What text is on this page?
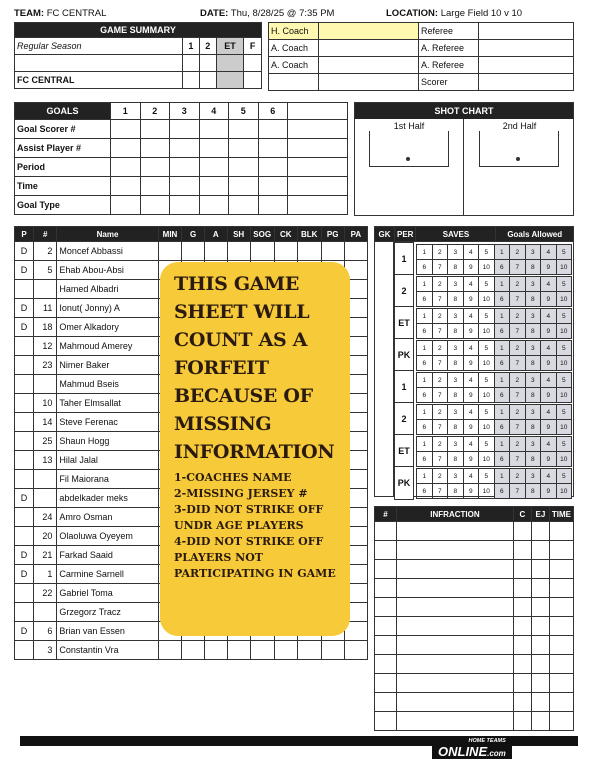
TEAM: FC CENTRAL	DATE: Thu, 8/28/25 @ 7:35 PM	LOCATION: Large Field 10 v 10
GAME SUMMARY				
Regular Season	1	2	ET	F

FC CENTRAL				
H. Coach		Referee	
A. Coach		A. Referee	
A. Coach		A. Referee	
		Scorer	
GOALS	1	2	3	4	5	6	
Goal Scorer #							
Assist Player #							
Period							
Time							
Goal Type							
SHOT CHART
1st Half	2nd Half
P	#	Name	MIN	G	A	SH	SOG	CK	BLK	PG	PA
D	2	Moncef Abbassi									
D	5	Ehab Abou-Absi									
		Hamed Albadri									
D	11	Ionut( Jonny) A									
D	18	Omer Alkadory									
	12	Mahmoud Amerey									
	23	Nimer Baker									
		Mahmud Bseis									
	10	Taher Elmsallat									
	14	Steve Ferenac									
	25	Shaun Hogg									
	13	Hilal Jalal									
		Fil Maiorana									
D		abdelkader meks									
	24	Amro Osman									
	20	Olaoluwa Oyeyem									
D	21	Farkad Saaid									
D	1	Carmine Sarnell									
	22	Gabriel Toma									
		Grzegorz Tracz									
D	6	Brian van Essen									
	3	Constantin Vra									
GK	PER	SAVES	Goals Allowed
1
1	2	3	4	5	1	2	3	4	5
6	7	8	9	10	6	7	8	9	10
2
1	2	3	4	5	1	2	3	4	5
6	7	8	9	10	6	7	8	9	10
ET
1	2	3	4	5	1	2	3	4	5
6	7	8	9	10	6	7	8	9	10
PK
1	2	3	4	5	1	2	3	4	5
6	7	8	9	10	6	7	8	9	10
1
1	2	3	4	5	1	2	3	4	5
6	7	8	9	10	6	7	8	9	10
2
1	2	3	4	5	1	2	3	4	5
6	7	8	9	10	6	7	8	9	10
ET
1	2	3	4	5	1	2	3	4	5
6	7	8	9	10	6	7	8	9	10
PK
1	2	3	4	5	1	2	3	4	5
6	7	8	9	10	6	7	8	9	10
#	INFRACTION	C	EJ	TIME

THIS GAME
SHEET WILL
COUNT AS A
FORFEIT
BECAUSE OF
MISSING
INFORMATION
1-COACHES NAME
2-MISSING JERSEY #
3-DID NOT STRIKE OFF
UNDR AGE PLAYERS
4-DID NOT STRIKE OFF
PLAYERS NOT
PARTICIPATING IN GAME
HOME TEAMS
ONLINE.com
